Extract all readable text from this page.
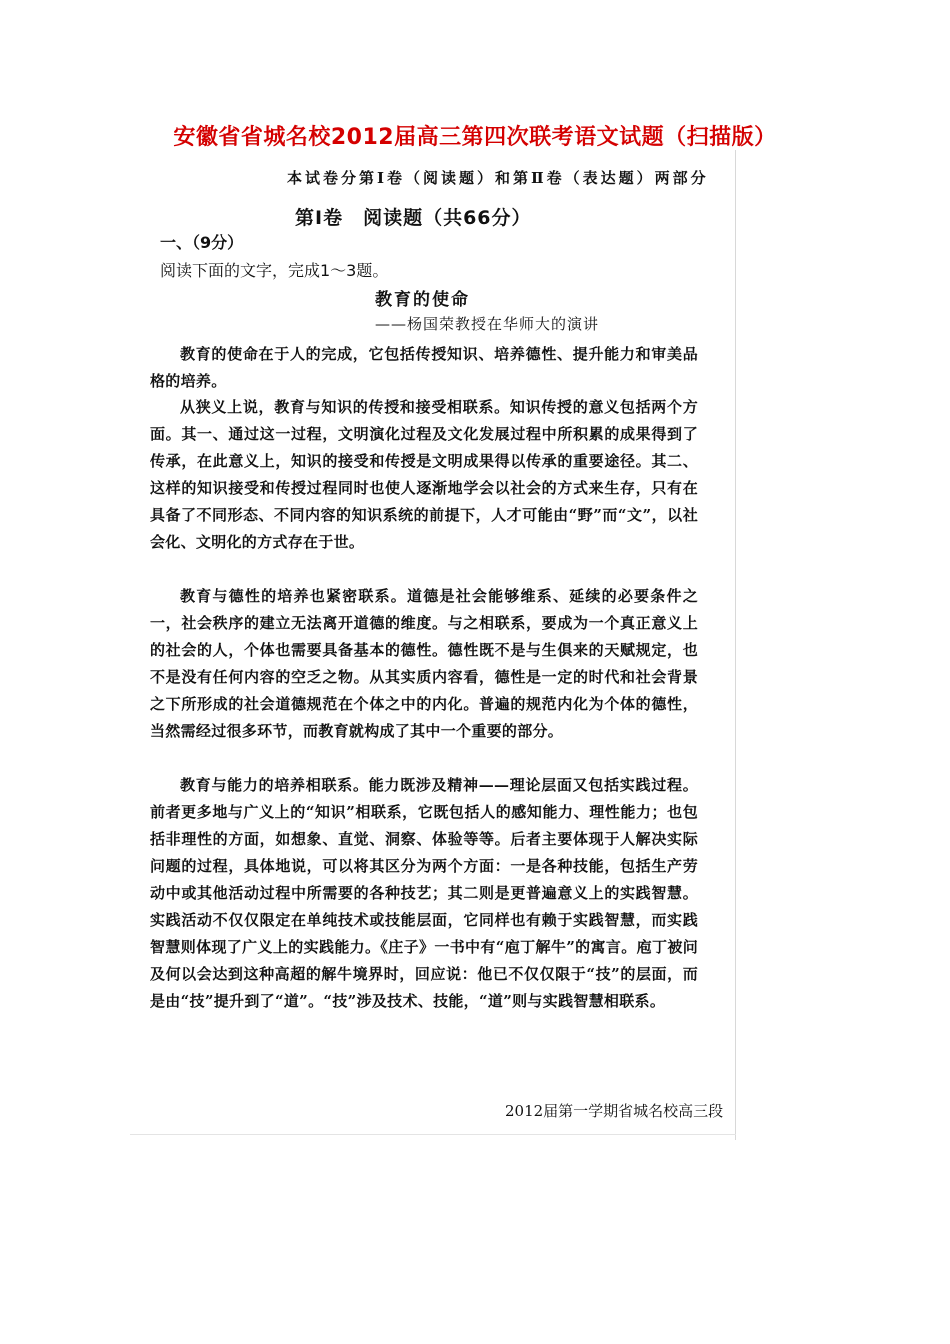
安徽省省城名校2012届高三第四次联考语文试题（扫描版）
本试卷分第Ⅰ卷（阅读题）和第Ⅱ卷（表达题）两部分
第Ⅰ卷　阅读题（共66分）
一、（9分）
阅读下面的文字，完成1～3题。
教育的使命
——杨国荣教授在华师大的演讲

教育的使命在于人的完成，它包括传授知识、培养德性、提升能力和审美品格的培养。

从狭义上说，教育与知识的传授和接受相联系。知识传授的意义包括两个方面。其一、通过这一过程，文明演化过程及文化发展过程中所积累的成果得到了传承，在此意义上，知识的接受和传授是文明成果得以传承的重要途径。其二、这样的知识接受和传授过程同时也使人逐渐地学会以社会的方式来生存，只有在具备了不同形态、不同内容的知识系统的前提下，人才可能由“野”而“文”，以社会化、文明化的方式存在于世。

教育与德性的培养也紧密联系。道德是社会能够维系、延续的必要条件之一，社会秩序的建立无法离开道德的维度。与之相联系，要成为一个真正意义上的社会的人，个体也需要具备基本的德性。德性既不是与生俱来的天赋规定，也不是没有任何内容的空乏之物。从其实质内容看，德性是一定的时代和社会背景之下所形成的社会道德规范在个体之中的内化。普遍的规范内化为个体的德性，当然需经过很多环节，而教育就构成了其中一个重要的部分。

教育与能力的培养相联系。能力既涉及精神——理论层面又包括实践过程。前者更多地与广义上的“知识”相联系，它既包括人的感知能力、理性能力；也包括非理性的方面，如想象、直觉、洞察、体验等等。后者主要体现于人解决实际问题的过程，具体地说，可以将其区分为两个方面：一是各种技能，包括生产劳动中或其他活动过程中所需要的各种技艺；其二则是更普遍意义上的实践智慧。实践活动不仅仅限定在单纯技术或技能层面，它同样也有赖于实践智慧，而实践智慧则体现了广义上的实践能力。《庄子》一书中有“庖丁解牛”的寓言。庖丁被问及何以会达到这种高超的解牛境界时，回应说：他已不仅仅限于“技”的层面，而是由“技”提升到了“道”。“技”涉及技术、技能，“道”则与实践智慧相联系。

2012届第一学期省城名校高三段
